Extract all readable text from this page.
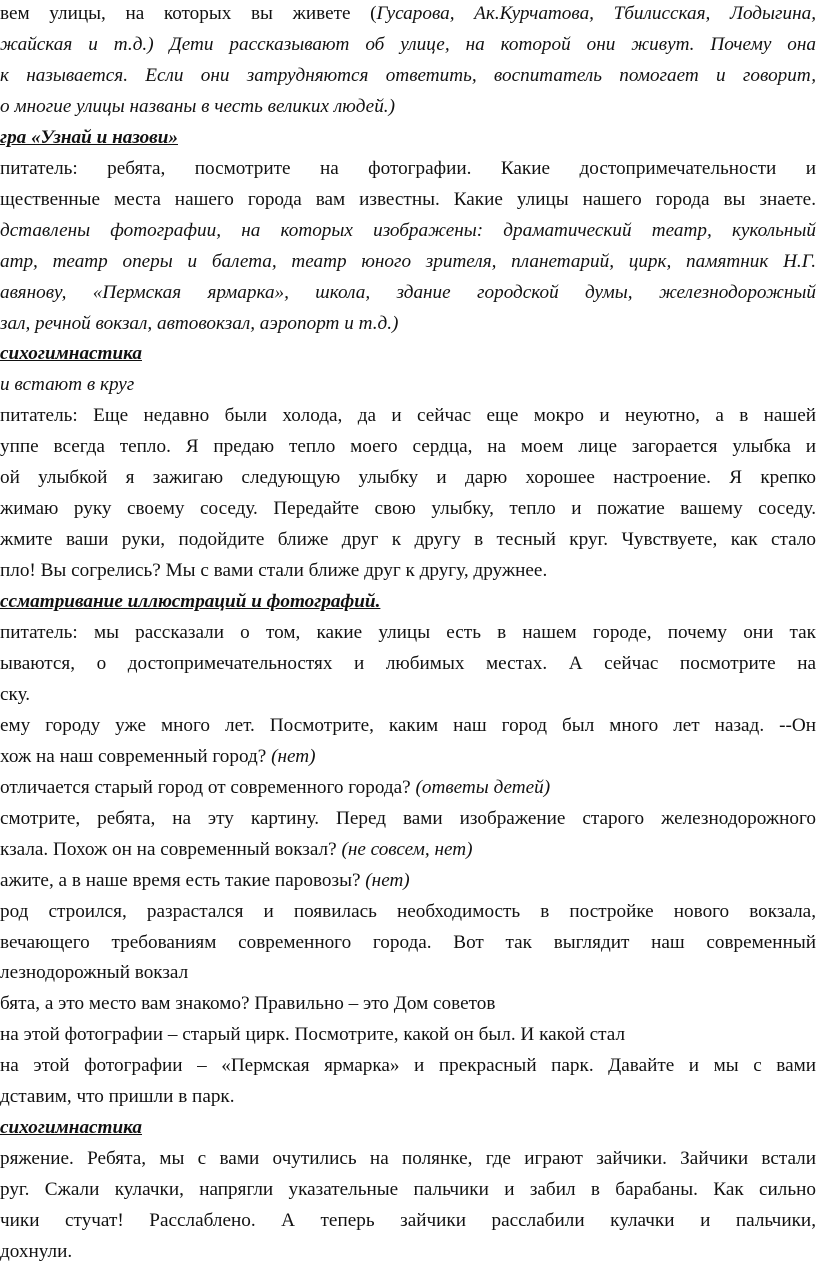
вем улицы, на которых вы живете (Гусарова, Ак.Курчатова, Тбилисская, Лодыгина,
жайская и т.д.) Дети рассказывают об улице, на которой они живут. Почему она
к называется. Если они затрудняются ответить, воспитатель помогает и говорит,
о многие улицы названы в честь великих людей.)
гра «Узнай и назови»
питатель: ребята, посмотрите на фотографии. Какие достопримечательности и
щественные места нашего города вам известны. Какие улицы нашего города вы знаете.
дставлены фотографии, на которых изображены: драматический театр, кукольный
атр, театр оперы и балета, театр юного зрителя, планетарий, цирк, памятник Н.Г.
авянову, «Пермская ярмарка», школа, здание городской думы, железнодорожный
зал, речной вокзал, автовокзал, аэропорт и т.д.)
сихогимнастика
и встают в круг
питатель: Еще недавно были холода, да и сейчас еще мокро и неуютно, а в нашей
уппе всегда тепло. Я предаю тепло моего сердца, на моем лице загорается улыбка и
ой улыбкой я зажигаю следующую улыбку и дарю хорошее настроение. Я крепко
жимаю руку своему соседу. Передайте свою улыбку, тепло и пожатие вашему соседу.
жмите ваши руки, подойдите ближе друг к другу в тесный круг. Чувствуете, как стало
пло! Вы согрелись? Мы с вами стали ближе друг к другу, дружнее.
ссматривание иллюстраций и фотографий.
питатель: мы рассказали о том, какие улицы есть в нашем городе, почему они так
ываются, о достопримечательностях и любимых местах. А сейчас посмотрите на
ску.
ему городу уже много лет. Посмотрите, каким наш город был много лет назад. --Он
хож на наш современный город? (нет)
отличается старый город от современного города? (ответы детей)
смотрите, ребята, на эту картину. Перед вами изображение старого железнодорожного
кзала. Похож он на современный вокзал? (не совсем, нет)
ажите, а в наше время есть такие паровозы? (нет)
род строился, разрастался и появилась необходимость в постройке нового вокзала,
вечающего требованиям современного города. Вот так выглядит наш современный
лезнодорожный вокзал
бята, а это место вам знакомо? Правильно – это Дом советов
на этой фотографии – старый цирк. Посмотрите, какой он был. И какой стал
на этой фотографии – «Пермская ярмарка» и прекрасный парк. Давайте и мы с вами
дставим, что пришли в парк.
сихогимнастика
ряжение. Ребята, мы с вами очутились на полянке, где играют зайчики. Зайчики встали
руг. Сжали кулачки, напрягли указательные пальчики и забил в барабаны. Как сильно
чики стучат! Расслаблено. А теперь зайчики расслабили кулачки и пальчики,
дохнули.
